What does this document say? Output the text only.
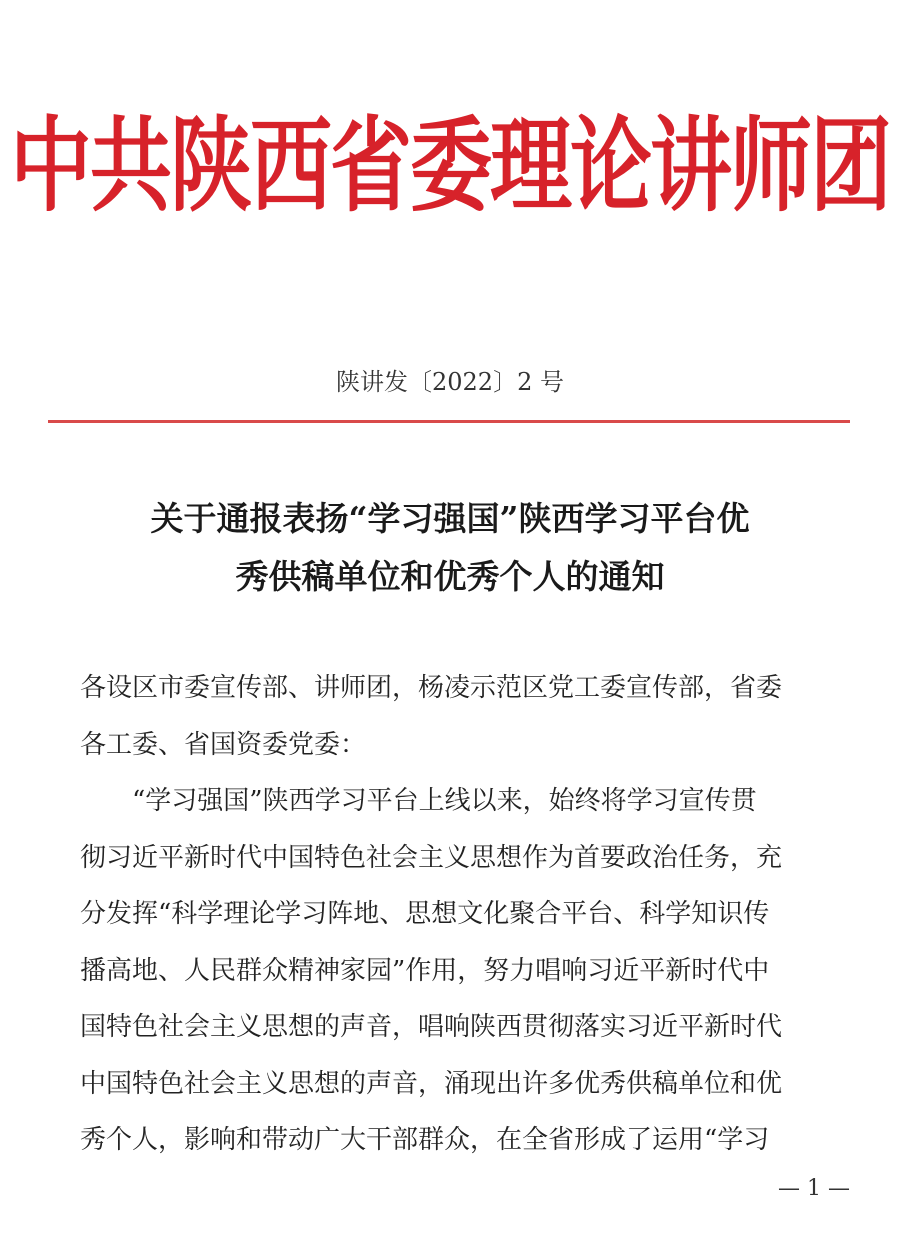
中共陕西省委理论讲师团
陕讲发〔2022〕2 号
关于通报表扬“学习强国”陕西学习平台优
秀供稿单位和优秀个人的通知
各设区市委宣传部、讲师团，杨凌示范区党工委宣传部，省委
各工委、省国资委党委：
“学习强国”陕西学习平台上线以来，始终将学习宣传贯
彻习近平新时代中国特色社会主义思想作为首要政治任务，充
分发挥“科学理论学习阵地、思想文化聚合平台、科学知识传
播高地、人民群众精神家园”作用，努力唱响习近平新时代中
国特色社会主义思想的声音，唱响陕西贯彻落实习近平新时代
中国特色社会主义思想的声音，涌现出许多优秀供稿单位和优
秀个人，影响和带动广大干部群众，在全省形成了运用“学习
— 1 —
